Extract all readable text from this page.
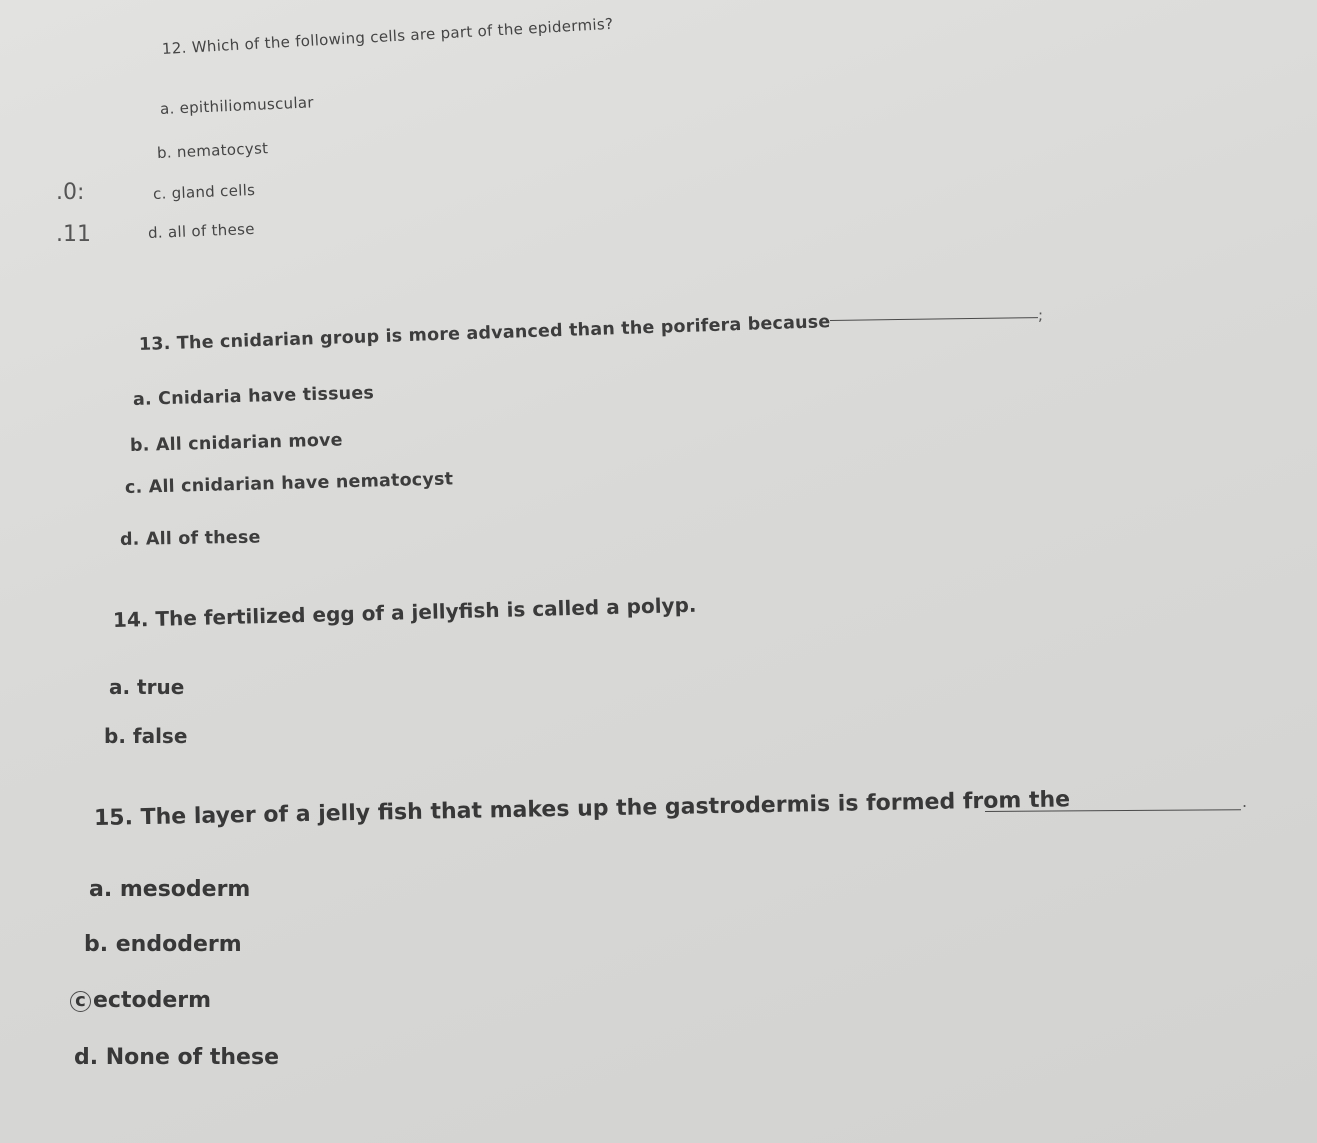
12. Which of the following cells are part of the epidermis?
a. epithiliomuscular
b. nematocyst
c. gland cells
d. all of these
.0:
.11
13. The cnidarian group is more advanced than the porifera because	;
a. Cnidaria have tissues
b. All cnidarian move
c. All cnidarian have nematocyst
d. All of these
14. The fertilized egg of a jellyfish is called a polyp.
a. true
b. false
15. The layer of a jelly fish that makes up the gastrodermis is formed from the	.
a. mesoderm
b. endoderm
c ectoderm
d. None of these
